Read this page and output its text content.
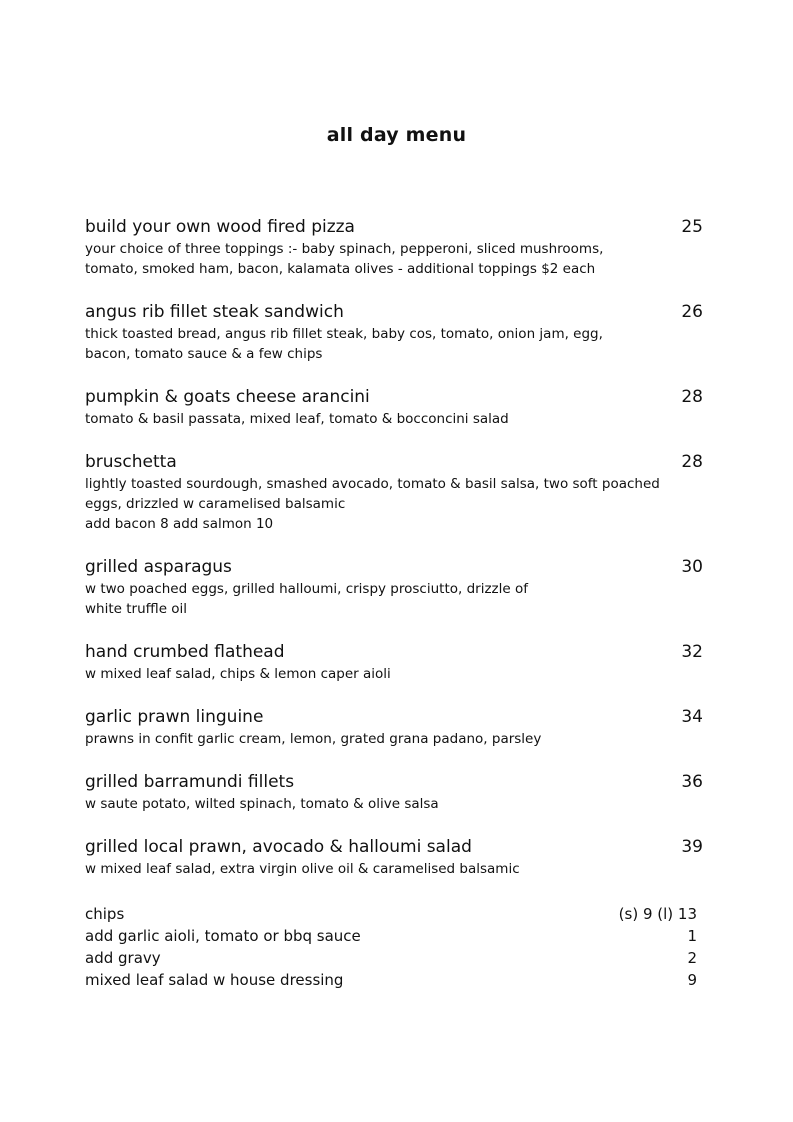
all day menu
build your own wood fired pizza	25
your choice of three toppings :- baby spinach, pepperoni, sliced mushrooms,
tomato, smoked ham, bacon, kalamata olives - additional toppings $2 each
angus rib fillet steak sandwich	26
thick toasted bread, angus rib fillet steak, baby cos, tomato, onion jam, egg,
bacon, tomato sauce & a few chips
pumpkin & goats cheese arancini	28
tomato & basil passata, mixed leaf, tomato & bocconcini salad
bruschetta	28
lightly toasted sourdough, smashed avocado, tomato & basil salsa, two soft poached
eggs, drizzled w caramelised balsamic
add bacon 8 add salmon 10
grilled asparagus	30
w two poached eggs, grilled halloumi, crispy prosciutto, drizzle of
white truffle oil
hand crumbed flathead	32
w mixed leaf salad, chips & lemon caper aioli
garlic prawn linguine	34
prawns in confit garlic cream, lemon, grated grana padano, parsley
grilled barramundi fillets	36
w saute potato, wilted spinach, tomato & olive salsa
grilled local prawn, avocado & halloumi salad	39
w mixed leaf salad, extra virgin olive oil & caramelised balsamic
chips	(s) 9 (l) 13
add garlic aioli, tomato or bbq sauce	1
add gravy	2
mixed leaf salad w house dressing	9
